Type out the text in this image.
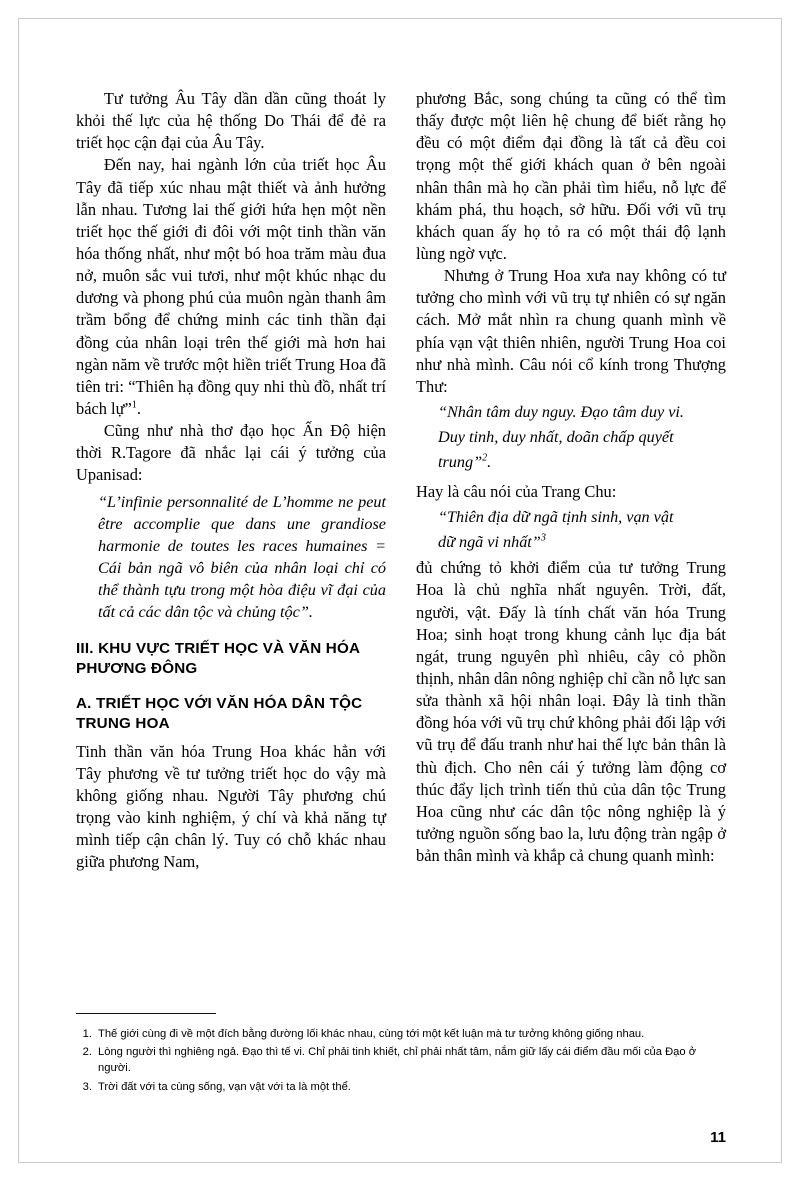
Tư tưởng Âu Tây dần dần cũng thoát ly khỏi thế lực của hệ thống Do Thái để đẻ ra triết học cận đại của Âu Tây.

Đến nay, hai ngành lớn của triết học Âu Tây đã tiếp xúc nhau mật thiết và ảnh hưởng lẫn nhau. Tương lai thế giới hứa hẹn một nền triết học thế giới đi đôi với một tinh thần văn hóa thống nhất, như một bó hoa trăm màu đua nở, muôn sắc vui tươi, như một khúc nhạc du dương và phong phú của muôn ngàn thanh âm trầm bổng để chứng minh các tinh thần đại đồng của nhân loại trên thế giới mà hơn hai ngàn năm về trước một hiền triết Trung Hoa đã tiên tri: “Thiên hạ đồng quy nhi thù đồ, nhất trí bách lự”$^1$.

Cũng như nhà thơ đạo học Ấn Độ hiện thời R.Tagore đã nhắc lại cái ý tưởng của Upanisad:

“L’infinie personnalité de L’homme ne peut être accomplie que dans une grandiose harmonie de toutes les races humaines = Cái bản ngã vô biên của nhân loại chỉ có thể thành tựu trong một hòa điệu vĩ đại của tất cả các dân tộc và chủng tộc”.

III. KHU VỰC TRIẾT HỌC VÀ VĂN HÓA PHƯƠNG ĐÔNG
A. TRIẾT HỌC VỚI VĂN HÓA DÂN TỘC TRUNG HOA

Tinh thần văn hóa Trung Hoa khác hẳn với Tây phương về tư tưởng triết học do vậy mà không giống nhau. Người Tây phương chú trọng vào kinh nghiệm, ý chí và khả năng tự mình tiếp cận chân lý. Tuy có chỗ khác nhau giữa phương Nam,

phương Bắc, song chúng ta cũng có thể tìm thấy được một liên hệ chung để biết rằng họ đều có một điểm đại đồng là tất cả đều coi trọng một thế giới khách quan ở bên ngoài nhân thân mà họ cần phải tìm hiểu, nỗ lực để khám phá, thu hoạch, sở hữu. Đối với vũ trụ khách quan ấy họ tỏ ra có một thái độ lạnh lùng ngờ vực.

Nhưng ở Trung Hoa xưa nay không có tư tưởng cho mình với vũ trụ tự nhiên có sự ngăn cách. Mở mắt nhìn ra chung quanh mình về phía vạn vật thiên nhiên, người Trung Hoa coi như nhà mình. Câu nói cổ kính trong Thượng Thư:

“Nhân tâm duy nguy. Đạo tâm duy vi.

Duy tinh, duy nhất, doãn chấp quyết

trung”$^2$.

Hay là câu nói của Trang Chu:

“Thiên địa dữ ngã tịnh sinh, vạn vật

dữ ngã vi nhất”$^3$

đủ chứng tỏ khởi điểm của tư tưởng Trung Hoa là chủ nghĩa nhất nguyên. Trời, đất, người, vật. Đấy là tính chất văn hóa Trung Hoa; sinh hoạt trong khung cảnh lục địa bát ngát, trung nguyên phì nhiêu, cây cỏ phồn thịnh, nhân dân nông nghiệp chỉ cần nỗ lực san sửa thành xã hội nhân loại. Đây là tinh thần đồng hóa với vũ trụ chứ không phải đối lập với vũ trụ để đấu tranh như hai thế lực bản thân là thù địch. Cho nên cái ý tưởng làm động cơ thúc đẩy lịch trình tiến thủ của dân tộc Trung Hoa cũng như các dân tộc nông nghiệp là ý tưởng nguồn sống bao la, lưu động tràn ngập ở bản thân mình và khắp cả chung quanh mình:

1. Thế giới cùng đi về một đích bằng đường lối khác nhau, cùng tới một kết luận mà tư tưởng không giống nhau.
2. Lòng người thì nghiêng ngả. Đạo thì tế vi. Chỉ phải tinh khiết, chỉ phải nhất tâm, nắm giữ lấy cái điểm đầu mối của Đạo ở người.
3. Trời đất với ta cùng sống, vạn vật với ta là một thể.
11
